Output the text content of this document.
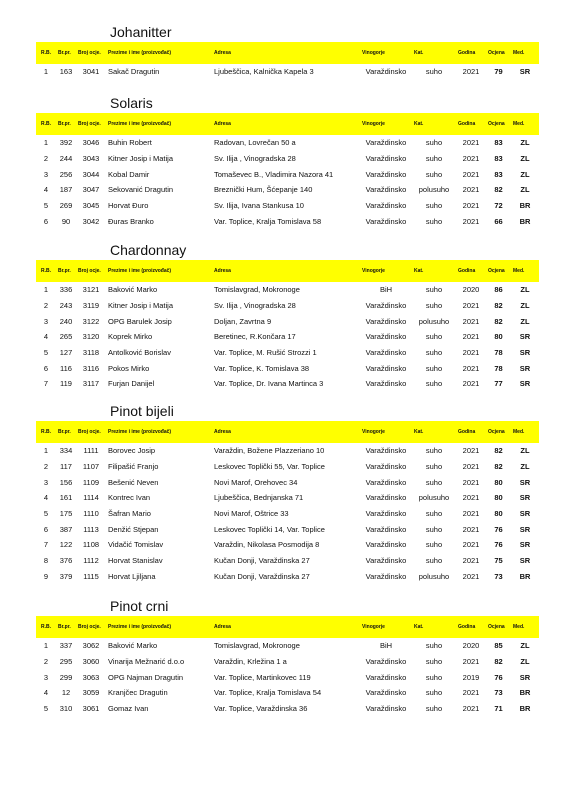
Johanitter
R.B.	Br.pr.	Broj ocje.	Prezime i ime (proizvođač)	Adresa	Vinogorje	Kat.	Godina	Ocjena	Med.
1	163	3041	Sakač Dragutin	Ljubeščica, Kalnička Kapela 3	Varaždinsko	suho	2021	79	SR
Solaris
R.B.	Br.pr.	Broj ocje.	Prezime i ime (proizvođač)	Adresa	Vinogorje	Kat.	Godina	Ocjena	Med.
1	392	3046	Buhin Robert	Radovan, Lovrečan 50 a	Varaždinsko	suho	2021	83	ZL
2	244	3043	Kitner Josip i Matija	Sv. Ilija , Vinogradska 28	Varaždinsko	suho	2021	83	ZL
3	256	3044	Kobal Damir	Tomaševec B., Vladimira Nazora 41	Varaždinsko	suho	2021	83	ZL
4	187	3047	Sekovanić Dragutin	Breznički Hum, Šćepanje 140	Varaždinsko	polusuho	2021	82	ZL
5	269	3045	Horvat Đuro	Sv. Ilija, Ivana Stankusa 10	Varaždinsko	suho	2021	72	BR
6	90	3042	Đuras Branko	Var. Toplice, Kralja Tomislava 58	Varaždinsko	suho	2021	66	BR
Chardonnay
R.B.	Br.pr.	Broj ocje.	Prezime i ime (proizvođač)	Adresa	Vinogorje	Kat.	Godina	Ocjena	Med.
1	336	3121	Baković Marko	Tomislavgrad, Mokronoge	BiH	suho	2020	86	ZL
2	243	3119	Kitner Josip i Matija	Sv. Ilija , Vinogradska 28	Varaždinsko	suho	2021	82	ZL
3	240	3122	OPG Barulek Josip	Doljan, Zavrtna 9	Varaždinsko	polusuho	2021	82	ZL
4	265	3120	Koprek Mirko	Beretinec, R.Končara 17	Varaždinsko	suho	2021	80	SR
5	127	3118	Antolković Borislav	Var. Toplice, M. Rušić Strozzi 1	Varaždinsko	suho	2021	78	SR
6	116	3116	Pokos Mirko	Var. Toplice, K. Tomislava 38	Varaždinsko	suho	2021	78	SR
7	119	3117	Furjan Danijel	Var. Toplice, Dr. Ivana Martinca 3	Varaždinsko	suho	2021	77	SR
Pinot bijeli
R.B.	Br.pr.	Broj ocje.	Prezime i ime (proizvođač)	Adresa	Vinogorje	Kat.	Godina	Ocjena	Med.
1	334	1111	Borovec Josip	Varaždin, Božene Plazzeriano 10	Varaždinsko	suho	2021	82	ZL
2	117	1107	Filipašić Franjo	Leskovec Toplički 55, Var. Toplice	Varaždinsko	suho	2021	82	ZL
3	156	1109	Bešenić Neven	Novi Marof, Orehovec 34	Varaždinsko	suho	2021	80	SR
4	161	1114	Kontrec Ivan	Ljubeščica, Bednjanska 71	Varaždinsko	polusuho	2021	80	SR
5	175	1110	Šafran Mario	Novi Marof, Oštrice 33	Varaždinsko	suho	2021	80	SR
6	387	1113	Denžić Stjepan	Leskovec Toplički 14, Var. Toplice	Varaždinsko	suho	2021	76	SR
7	122	1108	Vidačić Tomislav	Varaždin, Nikolasa Posmodija 8	Varaždinsko	suho	2021	76	SR
8	376	1112	Horvat Stanislav	Kučan Donji, Varaždinska 27	Varaždinsko	suho	2021	75	SR
9	379	1115	Horvat Ljiljana	Kučan Donji, Varaždinska 27	Varaždinsko	polusuho	2021	73	BR
Pinot crni
R.B.	Br.pr.	Broj ocje.	Prezime i ime (proizvođač)	Adresa	Vinogorje	Kat.	Godina	Ocjena	Med.
1	337	3062	Baković Marko	Tomislavgrad, Mokronoge	BiH	suho	2020	85	ZL
2	295	3060	Vinarija Mežnarić d.o.o	Varaždin, Krležina 1 a	Varaždinsko	suho	2021	82	ZL
3	299	3063	OPG Najman Dragutin	Var. Toplice, Martinkovec 119	Varaždinsko	suho	2019	76	SR
4	12	3059	Kranjčec Dragutin	Var. Toplice, Kralja Tomislava 54	Varaždinsko	suho	2021	73	BR
5	310	3061	Gomaz Ivan	Var. Toplice, Varaždinska 36	Varaždinsko	suho	2021	71	BR
